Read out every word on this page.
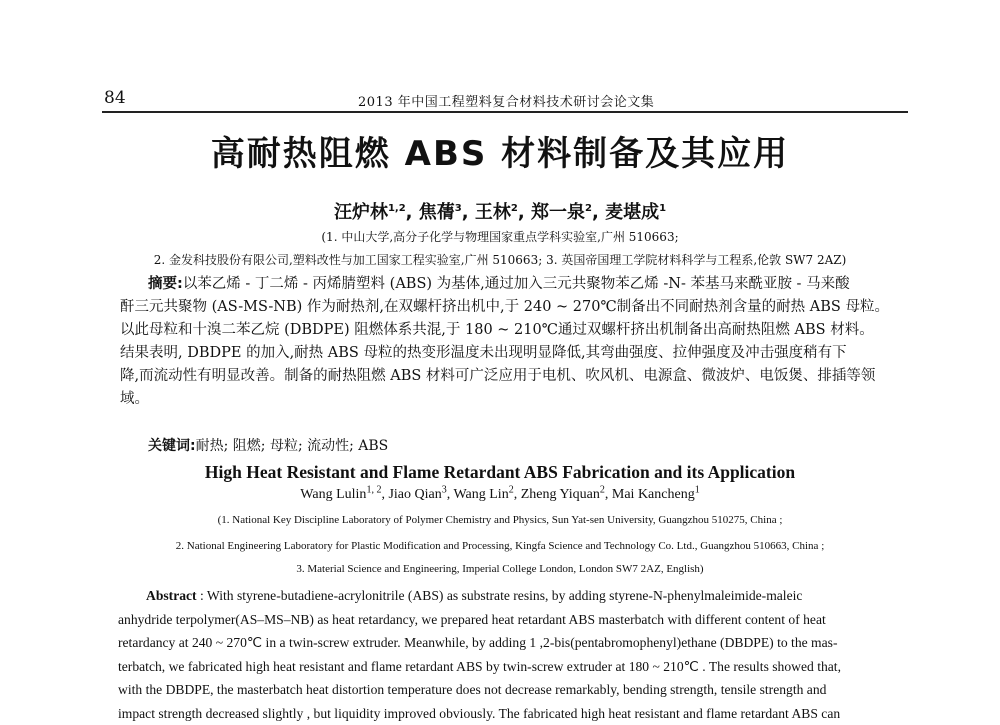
84	2013 年中国工程塑料复合材料技术研讨会论文集
高耐热阻燃 ABS 材料制备及其应用
汪炉林$^{1,2}$, 焦蒨$^3$, 王林$^2$, 郑一泉$^2$, 麦堪成$^1$
(1. 中山大学,高分子化学与物理国家重点学科实验室,广州 510663;
2. 金发科技股份有限公司,塑料改性与加工国家工程实验室,广州 510663; 3. 英国帝国理工学院材料科学与工程系,伦敦 SW7 2AZ)
摘要:以苯乙烯 - 丁二烯 - 丙烯腈塑料 (ABS) 为基体,通过加入三元共聚物苯乙烯 -N- 苯基马来酰亚胺 - 马来酸
酐三元共聚物 (AS-MS-NB) 作为耐热剂,在双螺杆挤出机中,于 240 ~ 270℃制备出不同耐热剂含量的耐热 ABS 母粒。
以此母粒和十溴二苯乙烷 (DBDPE) 阻燃体系共混,于 180 ~ 210℃通过双螺杆挤出机制备出高耐热阻燃 ABS 材料。
结果表明, DBDPE 的加入,耐热 ABS 母粒的热变形温度未出现明显降低,其弯曲强度、拉伸强度及冲击强度稍有下
降,而流动性有明显改善。制备的耐热阻燃 ABS 材料可广泛应用于电机、吹风机、电源盒、微波炉、电饭煲、排插等领
域。
关键词:耐热; 阻燃; 母粒; 流动性; ABS
High Heat Resistant and Flame Retardant ABS Fabrication and its Application
Wang Lulin$^{1, 2}$, Jiao Qian$^3$, Wang Lin$^2$, Zheng Yiquan$^2$, Mai Kancheng$^1$
(1. National Key Discipline Laboratory of Polymer Chemistry and Physics, Sun Yat-sen University, Guangzhou 510275, China ;
2. National Engineering Laboratory for Plastic Modification and Processing, Kingfa Science and Technology Co. Ltd., Guangzhou 510663, China ;
3. Material Science and Engineering, Imperial College London, London SW7 2AZ, English)
Abstract : With styrene-butadiene-acrylonitrile (ABS) as substrate resins, by adding styrene-N-phenylmaleimide-maleic
anhydride terpolymer(AS–MS–NB) as heat retardancy, we prepared heat retardant ABS masterbatch with different content of heat
retardancy at 240 ~ 270℃ in a twin-screw extruder. Meanwhile, by adding 1 ,2-bis(pentabromophenyl)ethane (DBDPE) to the mas-
terbatch, we fabricated high heat resistant and flame retardant ABS by twin-screw extruder at 180 ~ 210℃ . The results showed that,
with the DBDPE, the masterbatch heat distortion temperature does not decrease remarkably, bending strength, tensile strength and
impact strength decreased slightly , but liquidity improved obviously. The fabricated high heat resistant and flame retardant ABS can
